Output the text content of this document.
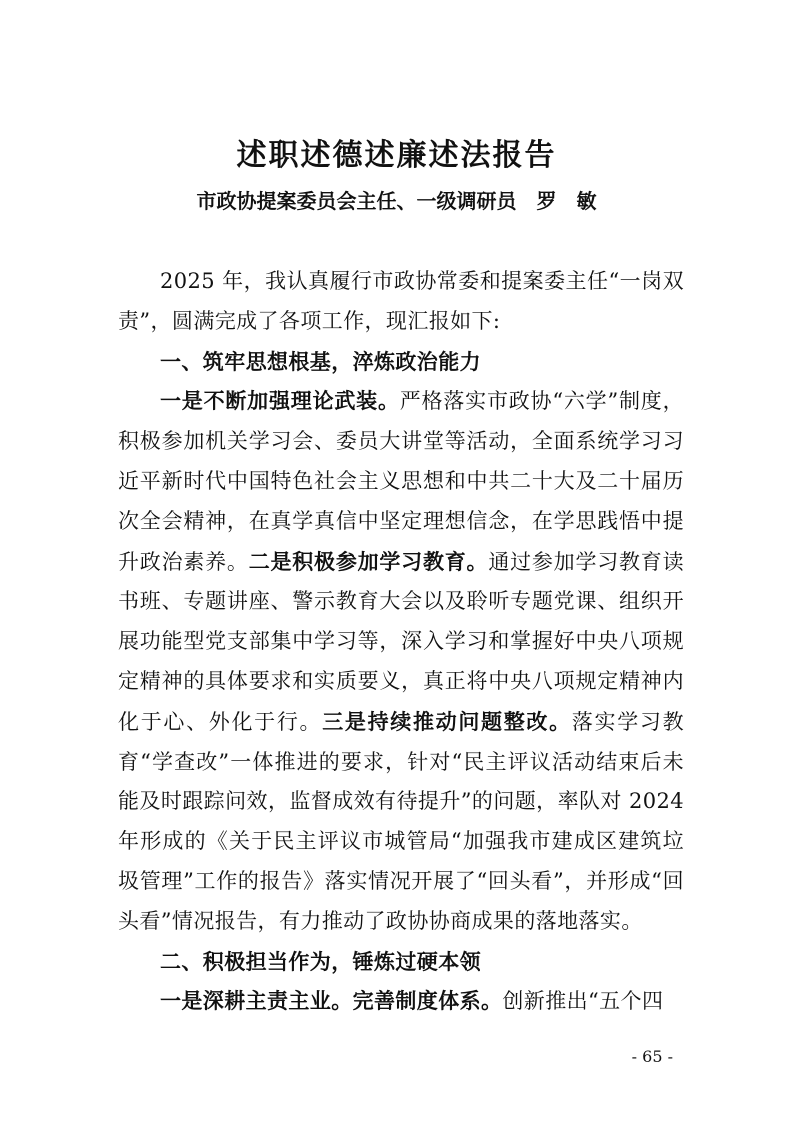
述职述德述廉述法报告
市政协提案委员会主任、一级调研员　罗　敏

2025 年，我认真履行市政协常委和提案委主任“一岗双责”，圆满完成了各项工作，现汇报如下:

一、筑牢思想根基，淬炼政治能力

一是不断加强理论武装。严格落实市政协“六学”制度，积极参加机关学习会、委员大讲堂等活动，全面系统学习习近平新时代中国特色社会主义思想和中共二十大及二十届历次全会精神，在真学真信中坚定理想信念，在学思践悟中提升政治素养。二是积极参加学习教育。通过参加学习教育读书班、专题讲座、警示教育大会以及聆听专题党课、组织开展功能型党支部集中学习等，深入学习和掌握好中央八项规定精神的具体要求和实质要义，真正将中央八项规定精神内化于心、外化于行。三是持续推动问题整改。落实学习教育“学查改”一体推进的要求，针对“民主评议活动结束后未能及时跟踪问效，监督成效有待提升”的问题，率队对 2024 年形成的《关于民主评议市城管局“加强我市建成区建筑垃圾管理”工作的报告》落实情况开展了“回头看”，并形成“回头看”情况报告，有力推动了政协协商成果的落地落实。

二、积极担当作为，锤炼过硬本领

一是深耕主责主业。完善制度体系。创新推出“五个四

- 65 -
